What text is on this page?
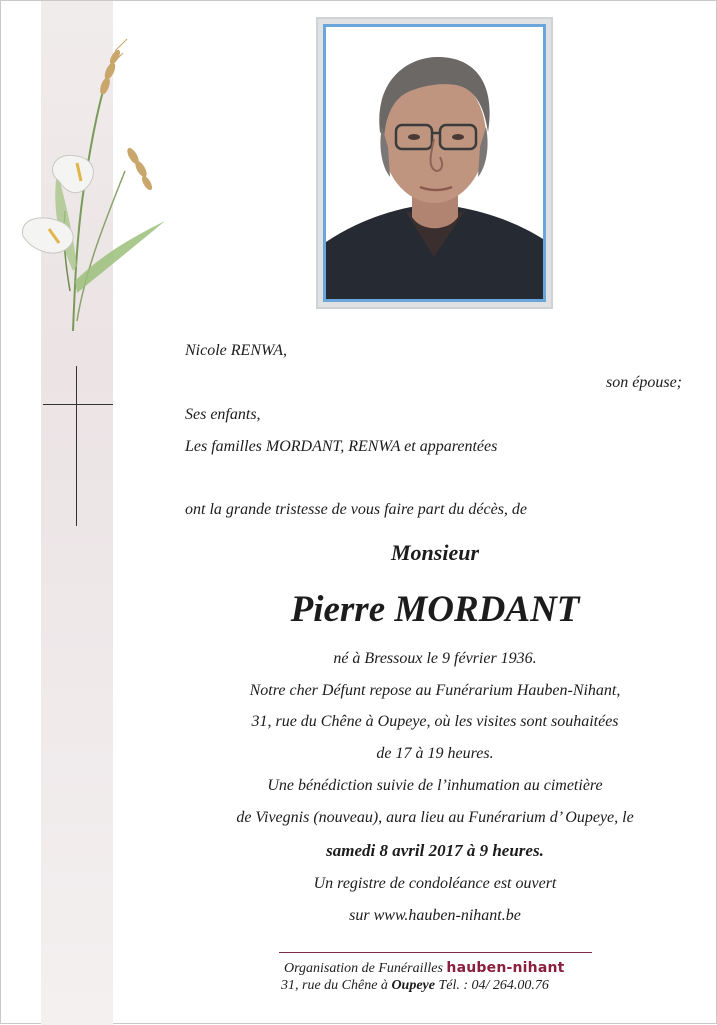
Nicole RENWA,
son épouse;
Ses enfants,
Les familles MORDANT, RENWA et apparentées
ont la grande tristesse de vous faire part du décès, de
Monsieur
Pierre MORDANT
né à Bressoux le 9 février 1936.
Notre cher Défunt repose au Funérarium Hauben-Nihant,
31, rue du Chêne à Oupeye, où les visites sont souhaitées
de 17 à 19 heures.
Une bénédiction suivie de l’inhumation au cimetière
de Vivegnis (nouveau), aura lieu au Funérarium d’ Oupeye, le
samedi 8 avril 2017 à 9 heures.
Un registre de condoléance est ouvert
sur www.hauben-nihant.be
Organisation de Funérailles hauben-nihant
31, rue du Chêne à Oupeye Tél. : 04/ 264.00.76
